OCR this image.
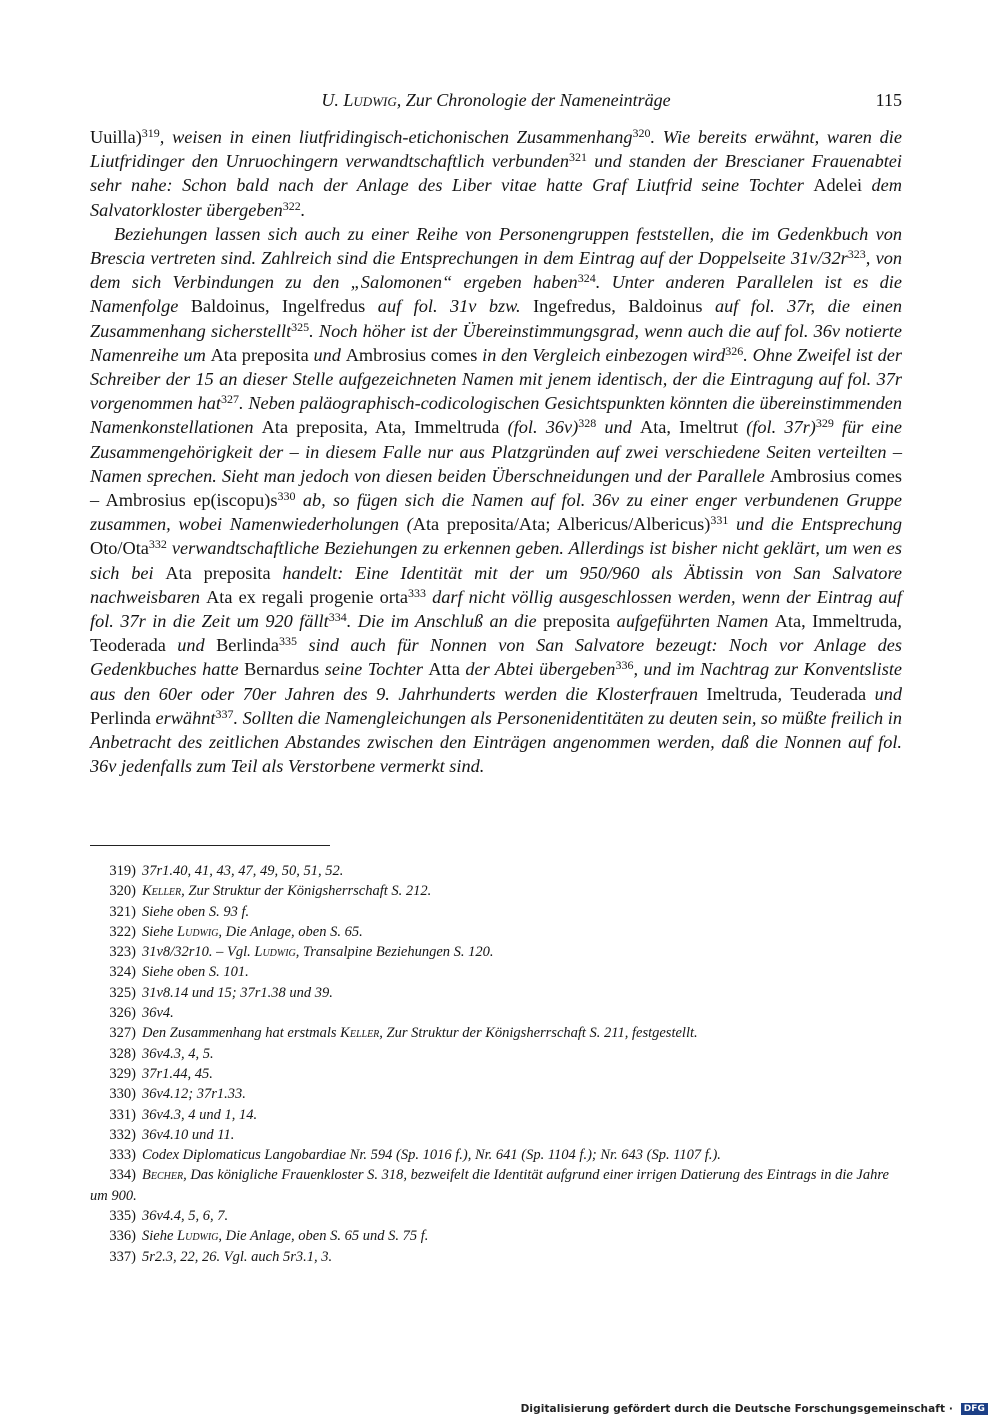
U. Ludwig, Zur Chronologie der Nameneinträge	115

Uuilla)$^{319}$, weisen in einen liutfridingisch-etichonischen Zusammenhang$^{320}$. Wie bereits erwähnt, waren die Liutfridinger den Unruochingern verwandtschaftlich verbunden$^{321}$ und standen der Brescianer Frauenabtei sehr nahe: Schon bald nach der Anlage des Liber vitae hatte Graf Liutfrid seine Tochter Adelei dem Salvatorkloster übergeben$^{322}$.

Beziehungen lassen sich auch zu einer Reihe von Personengruppen feststellen, die im Gedenkbuch von Brescia vertreten sind. Zahlreich sind die Entsprechungen in dem Eintrag auf der Doppelseite $31v/32r^{323}$, von dem sich Verbindungen zu den „Salomonen“ ergeben haben$^{324}$. Unter anderen Parallelen ist es die Namenfolge Baldoinus, Ingelfredus auf fol. 31v bzw. Ingefredus, Baldoinus auf fol. 37r, die einen Zusammenhang sicherstellt$^{325}$. Noch höher ist der Übereinstimmungsgrad, wenn auch die auf fol. 36v notierte Namenreihe um Ata preposita und Ambrosius comes in den Vergleich einbezogen wird$^{326}$. Ohne Zweifel ist der Schreiber der 15 an dieser Stelle aufgezeichneten Namen mit jenem identisch, der die Eintragung auf fol. 37r vorgenommen hat$^{327}$. Neben paläographisch-codicologischen Gesichtspunkten könnten die übereinstimmenden Namenkonstellationen Ata preposita, Ata, Immeltruda (fol. 36v)$^{328}$ und Ata, Imeltrut (fol. 37r)$^{329}$ für eine Zusammengehörigkeit der – in diesem Falle nur aus Platzgründen auf zwei verschiedene Seiten verteilten – Namen sprechen. Sieht man jedoch von diesen beiden Überschneidungen und der Parallele Ambrosius comes – Ambrosius $ep(iscopu)s^{330}$ ab, so fügen sich die Namen auf fol. 36v zu einer enger verbundenen Gruppe zusammen, wobei Namenwiederholungen (Ata preposita/Ata; Albericus/Albericus)$^{331}$ und die Entsprechung Oto/Ota$^{332}$ verwandtschaftliche Beziehungen zu erkennen geben. Allerdings ist bisher nicht geklärt, um wen es sich bei Ata preposita handelt: Eine Identität mit der um 950/960 als Äbtissin von San Salvatore nachweisbaren Ata ex regali progenie orta$^{333}$ darf nicht völlig ausgeschlossen werden, wenn der Eintrag auf fol. 37r in die Zeit um 920 fällt$^{334}$. Die im Anschluß an die preposita aufgeführten Namen Ata, Immeltruda, Teoderada und Berlinda$^{335}$ sind auch für Nonnen von San Salvatore bezeugt: Noch vor Anlage des Gedenkbuches hatte Bernardus seine Tochter Atta der Abtei übergeben$^{336}$, und im Nachtrag zur Konventsliste aus den 60er oder 70er Jahren des 9. Jahrhunderts werden die Klosterfrauen Imeltruda, Teuderada und Perlinda erwähnt$^{337}$. Sollten die Namengleichungen als Personenidentitäten zu deuten sein, so müßte freilich in Anbetracht des zeitlichen Abstandes zwischen den Einträgen angenommen werden, daß die Nonnen auf fol. 36v jedenfalls zum Teil als Verstorbene vermerkt sind.

319) 37r1.40, 41, 43, 47, 49, 50, 51, 52.
320) Keller, Zur Struktur der Königsherrschaft S. 212.
321) Siehe oben S. 93 f.
322) Siehe Ludwig, Die Anlage, oben S. 65.
323) 31v8/32r10. – Vgl. Ludwig, Transalpine Beziehungen S. 120.
324) Siehe oben S. 101.
325) 31v8.14 und 15; 37r1.38 und 39.
326) 36v4.
327) Den Zusammenhang hat erstmals Keller, Zur Struktur der Königsherrschaft S. 211, festgestellt.
328) 36v4.3, 4, 5.
329) 37r1.44, 45.
330) 36v4.12; 37r1.33.
331) 36v4.3, 4 und 1, 14.
332) 36v4.10 und 11.
333) Codex Diplomaticus Langobardiae Nr. 594 (Sp. 1016 f.), Nr. 641 (Sp. 1104 f.); Nr. 643 (Sp. 1107 f.).
334) Becher, Das königliche Frauenkloster S. 318, bezweifelt die Identität aufgrund einer irrigen Datierung des Eintrags in die Jahre um 900.
335) 36v4.4, 5, 6, 7.
336) Siehe Ludwig, Die Anlage, oben S. 65 und S. 75 f.
337) 5r2.3, 22, 26. Vgl. auch 5r3.1, 3.
Digitalisierung gefördert durch die Deutsche Forschungsgemeinschaft · DFG
